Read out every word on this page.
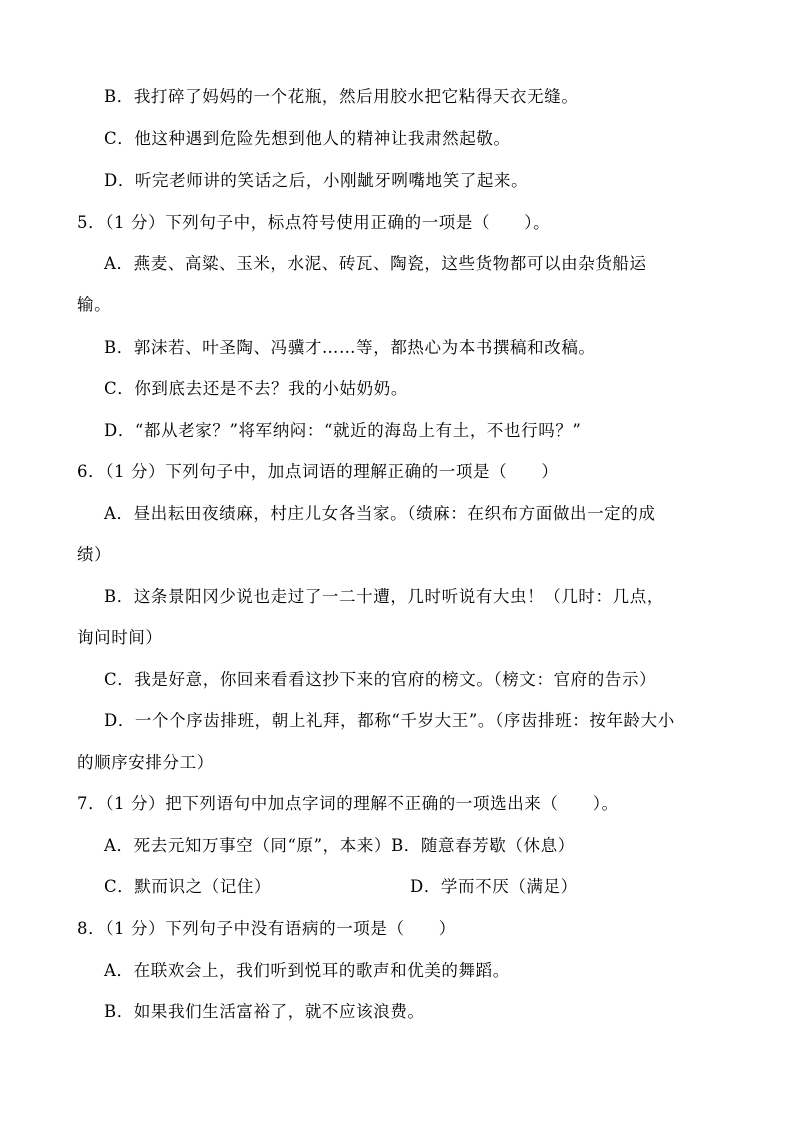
B．我打碎了妈妈的一个花瓶，然后用胶水把它粘得天衣无缝。
C．他这种遇到危险先想到他人的精神让我肃然起敬。
D．听完老师讲的笑话之后，小刚龇牙咧嘴地笑了起来。
5．（1 分）下列句子中，标点符号使用正确的一项是（　　）。
A．燕麦、高粱、玉米，水泥、砖瓦、陶瓷，这些货物都可以由杂货船运
输。
B．郭沫若、叶圣陶、冯骥才……等，都热心为本书撰稿和改稿。
C．你到底去还是不去？我的小姑奶奶。
D．“都从老家？”将军纳闷：“就近的海岛上有土，不也行吗？”
6．（1 分）下列句子中，加点词语的理解正确的一项是（　　）
A．昼出耘田夜绩麻，村庄儿女各当家。（绩麻：在织布方面做出一定的成
绩）
B．这条景阳冈少说也走过了一二十遭，几时听说有大虫！（几时：几点，
询问时间）
C．我是好意，你回来看看这抄下来的官府的榜文。（榜文：官府的告示）
D．一个个序齿排班，朝上礼拜，都称“千岁大王”。（序齿排班：按年龄大小
的顺序安排分工）
7．（1 分）把下列语句中加点字词的理解不正确的一项选出来（　　）。
A．死去元知万事空（同“原”，本来）B．随意春芳歇（休息）
C．默而识之（记住）	D．学而不厌（满足）
8．（1 分）下列句子中没有语病的一项是（　　）
A．在联欢会上，我们听到悦耳的歌声和优美的舞蹈。
B．如果我们生活富裕了，就不应该浪费。
